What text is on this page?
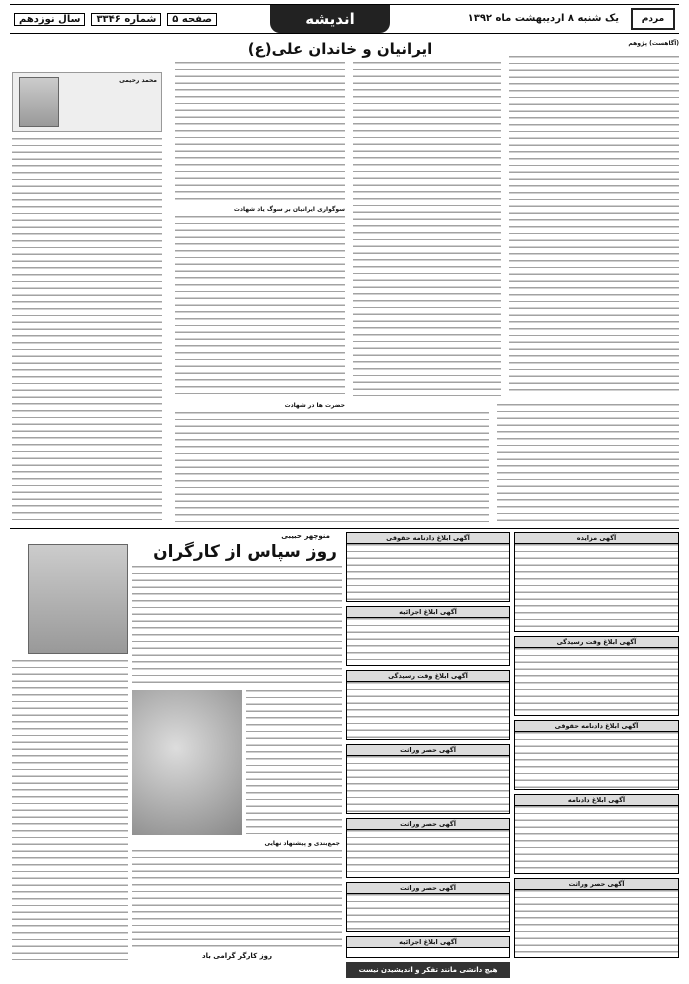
مردم
یک شنبه ۸ اردیبهشت ماه ۱۳۹۲
اندیشه
صفحه ۵
شماره ۳۳۴۶
سال نوزدهم
(آگاهست) پژوهم
ایرانیان و خاندان علی(ع)
سوگواری ایرانیان بر سوگ یاد شهادت
حضرت ها در شهادت
محمد رحیمی
منوچهر حبیبی
روز سپاس از کارگران
جمع‌بندی و پیشنهاد نهایی
روز کارگر گرامی باد
آگهی ابلاغ دادنامه حقوقی
آگهی ابلاغ اجرائیه
آگهی ابلاغ وقت رسیدگی
آگهی حصر وراثت
آگهی حصر وراثت
آگهی حصر وراثت
آگهی مزایده
آگهی ابلاغ وقت رسیدگی
آگهی ابلاغ دادنامه حقوقی
آگهی ابلاغ دادنامه
آگهی حصر وراثت
آگهی ابلاغ اجرائیه
هیچ دانشی مانند تفکر و اندیشیدن نیست
